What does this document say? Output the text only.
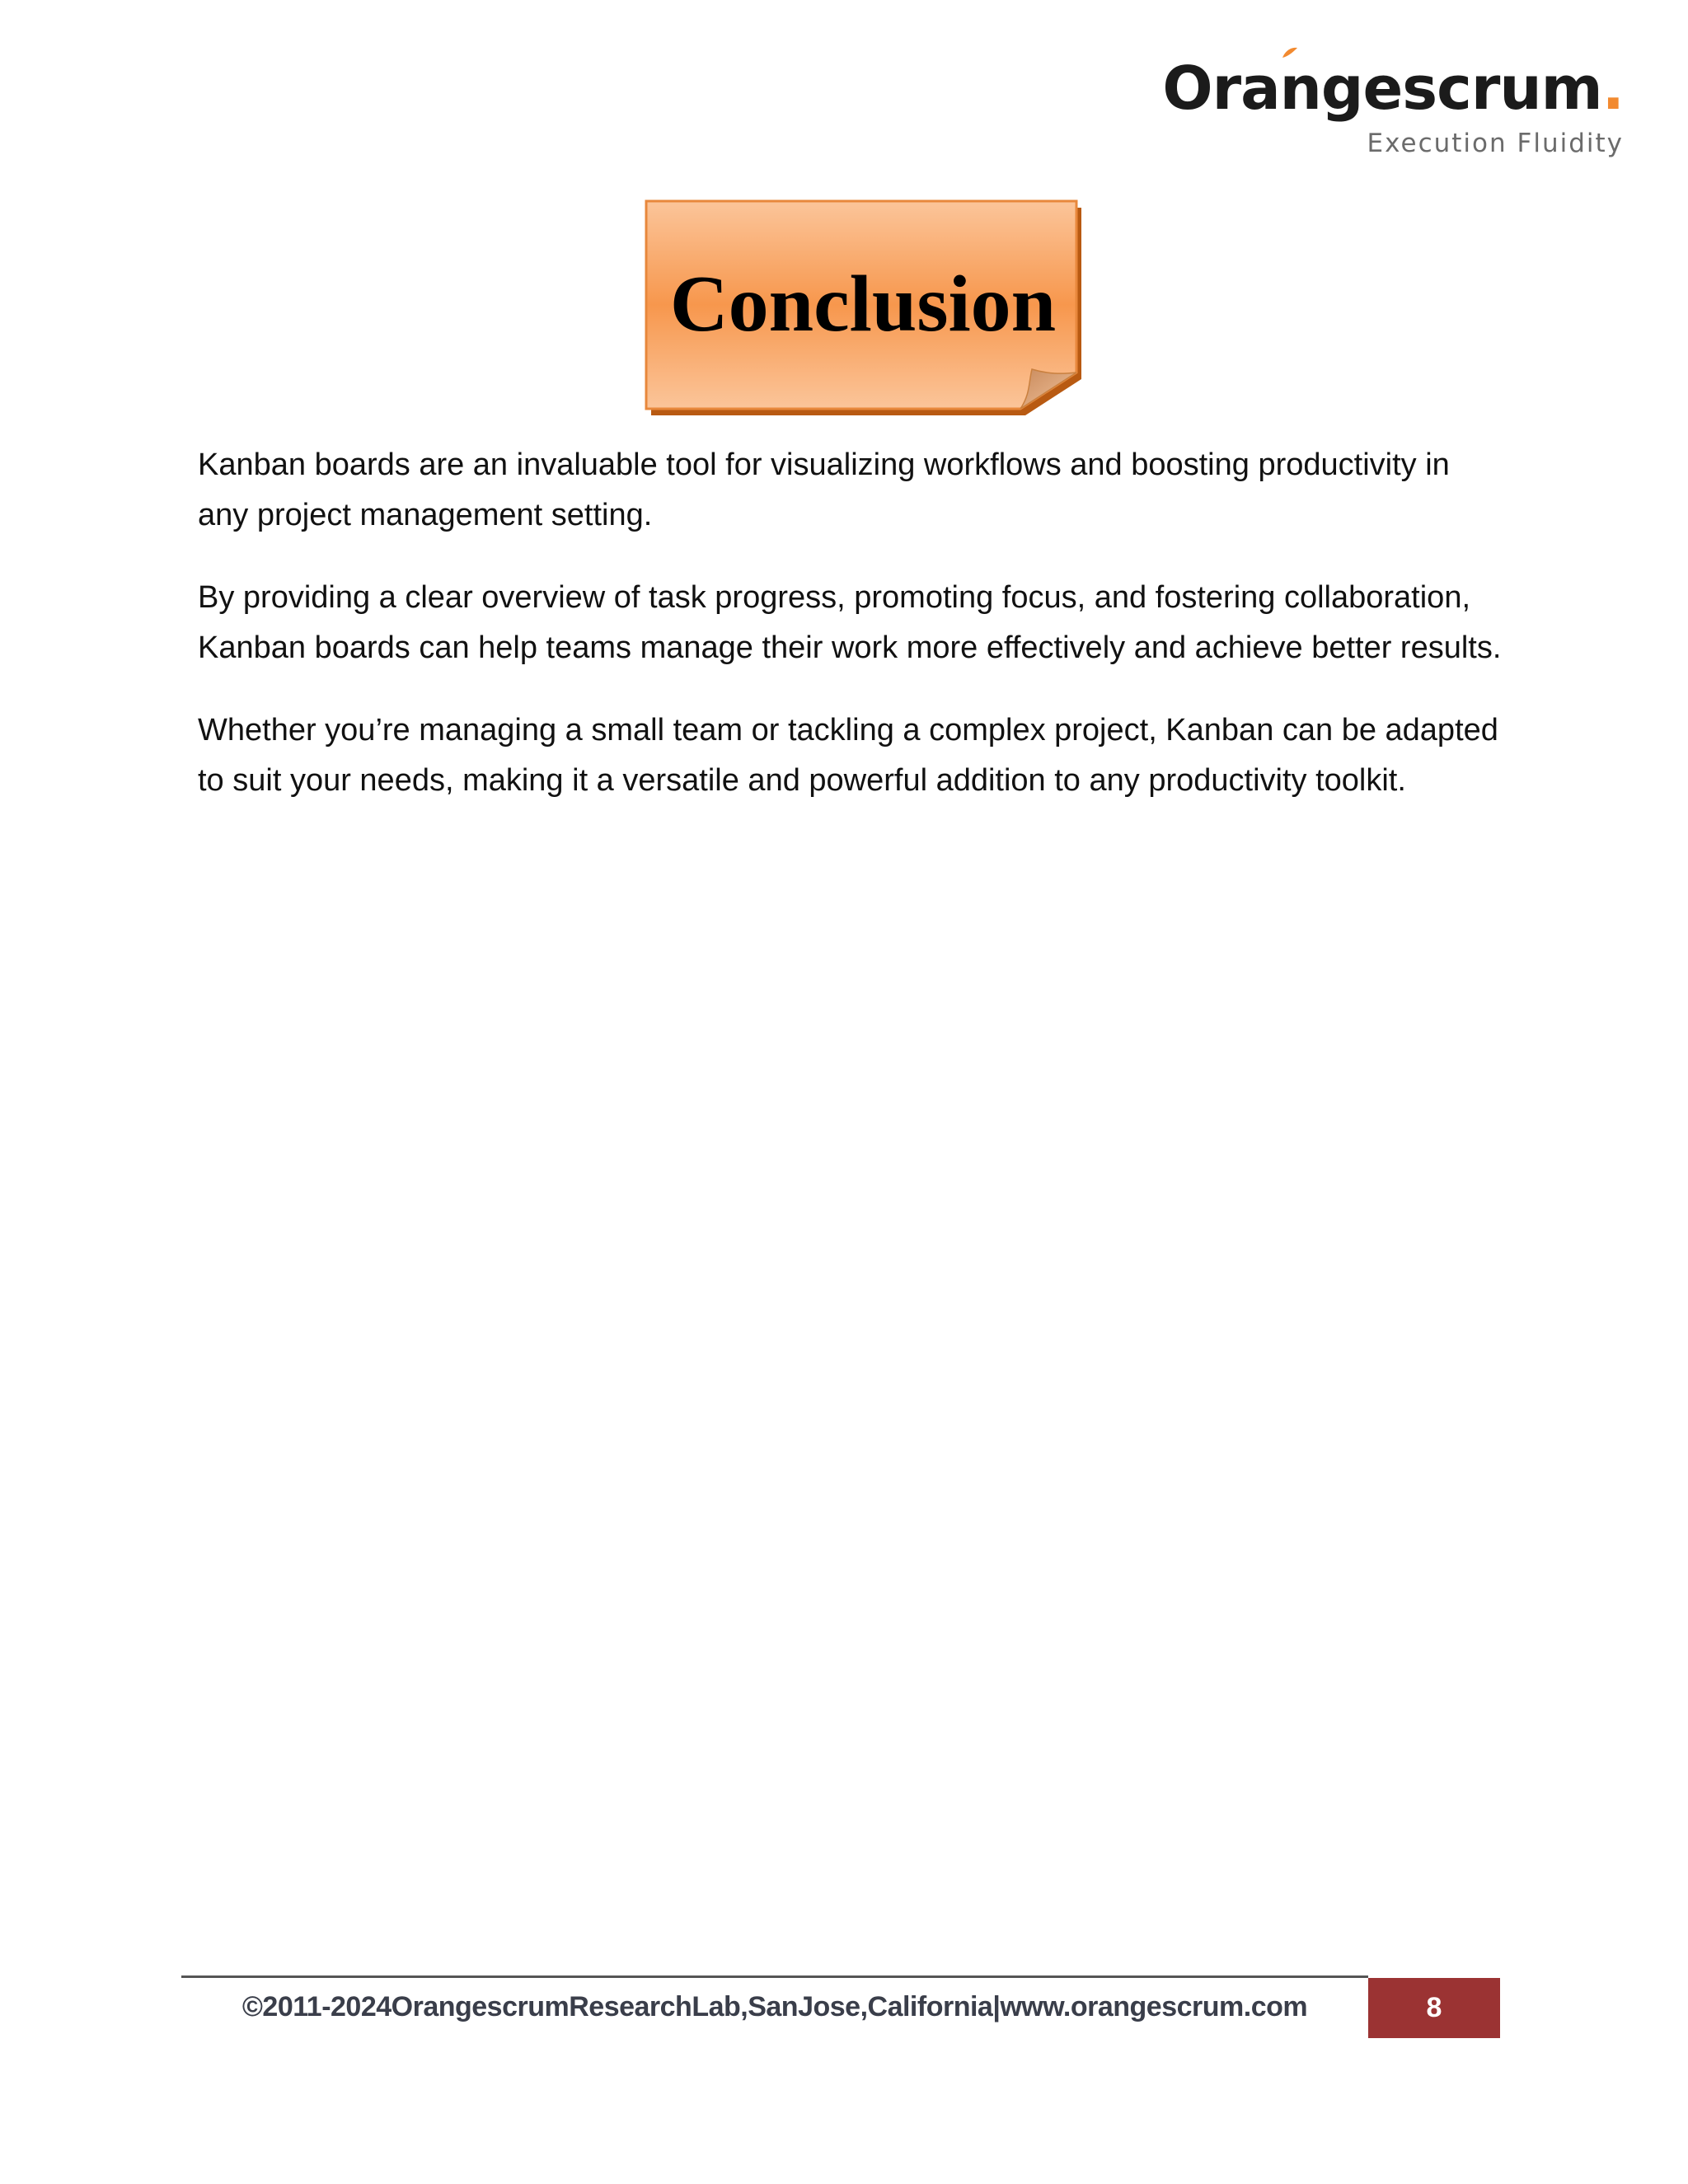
Orangescrum.
Execution Fluidity
Conclusion

Kanban boards are an invaluable tool for visualizing workflows and boosting productivity in any project management setting.

By providing a clear overview of task progress, promoting focus, and fostering collaboration, Kanban boards can help teams manage their work more effectively and achieve better results.

Whether you’re managing a small team or tackling a complex project, Kanban can be adapted to suit your needs, making it a versatile and powerful addition to any productivity toolkit.

©2011-2024OrangescrumResearchLab,SanJose,California|www.orangescrum.com	8
